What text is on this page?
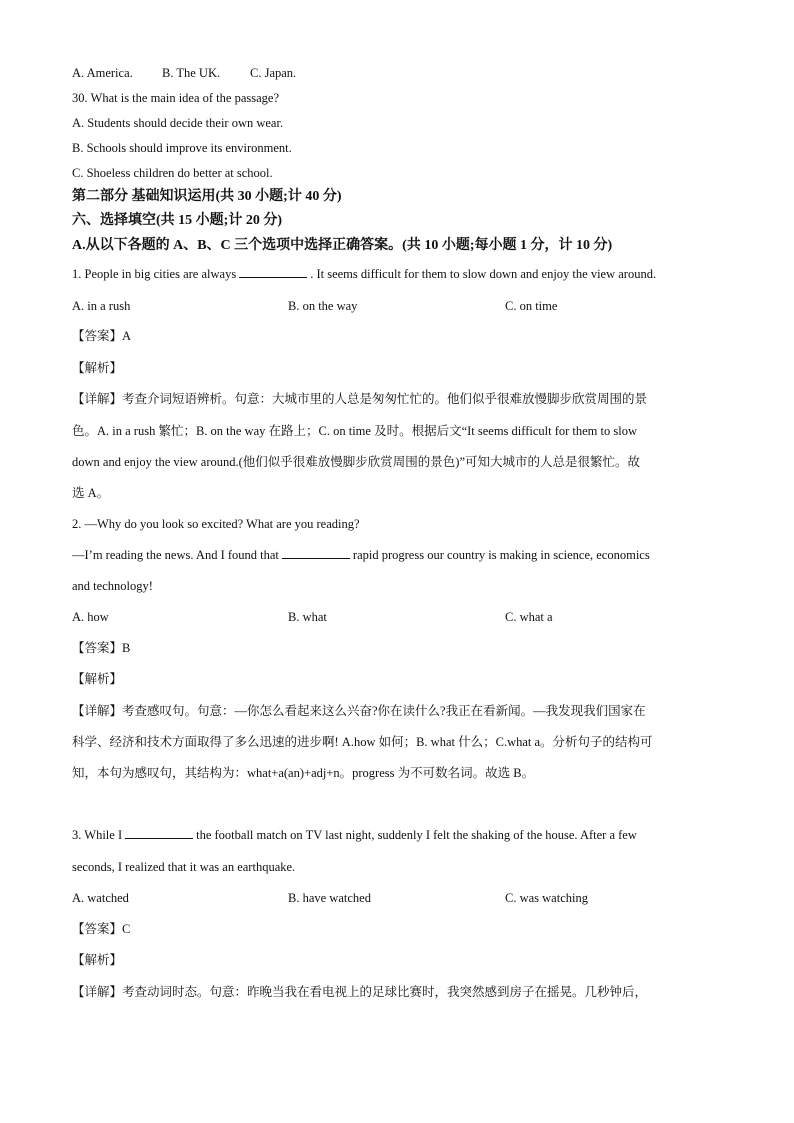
A. America. B. The UK. C. Japan.
30. What is the main idea of the passage?
A. Students should decide their own wear.
B. Schools should improve its environment.
C. Shoeless children do better at school.
第二部分 基础知识运用(共 30 小题;计 40 分)
六、选择填空(共 15 小题;计 20 分)
A.从以下各题的 A、B、C 三个选项中选择正确答案。(共 10 小题;每小题 1 分，计 10 分)
1. People in big cities are always	. It seems difficult for them to slow down and enjoy the view around.
A. in a rush	B. on the way	C. on time
【答案】A
【解析】
【详解】考查介词短语辨析。句意：大城市里的人总是匆匆忙忙的。他们似乎很难放慢脚步欣赏周围的景
色。A. in a rush 繁忙；B. on the way 在路上；C. on time 及时。根据后文“It seems difficult for them to slow
down and enjoy the view around.(他们似乎很难放慢脚步欣赏周围的景色)”可知大城市的人总是很繁忙。故
选 A。
2. —Why do you look so excited? What are you reading?
—I’m reading the news. And I found that	rapid progress our country is making in science, economics
and technology!
A. how	B. what	C. what a
【答案】B
【解析】
【详解】考查感叹句。句意：—你怎么看起来这么兴奋?你在读什么?我正在看新闻。—我发现我们国家在
科学、经济和技术方面取得了多么迅速的进步啊! A.how 如何；B. what 什么；C.what a。分析句子的结构可
知，本句为感叹句，其结构为：what+a(an)+adj+n。progress 为不可数名词。故选 B。
3. While I	the football match on TV last night, suddenly I felt the shaking of the house. After a few
seconds, I realized that it was an earthquake.
A. watched	B. have watched	C. was watching
【答案】C
【解析】
【详解】考查动词时态。句意：昨晚当我在看电视上的足球比赛时，我突然感到房子在摇晃。几秒钟后，
